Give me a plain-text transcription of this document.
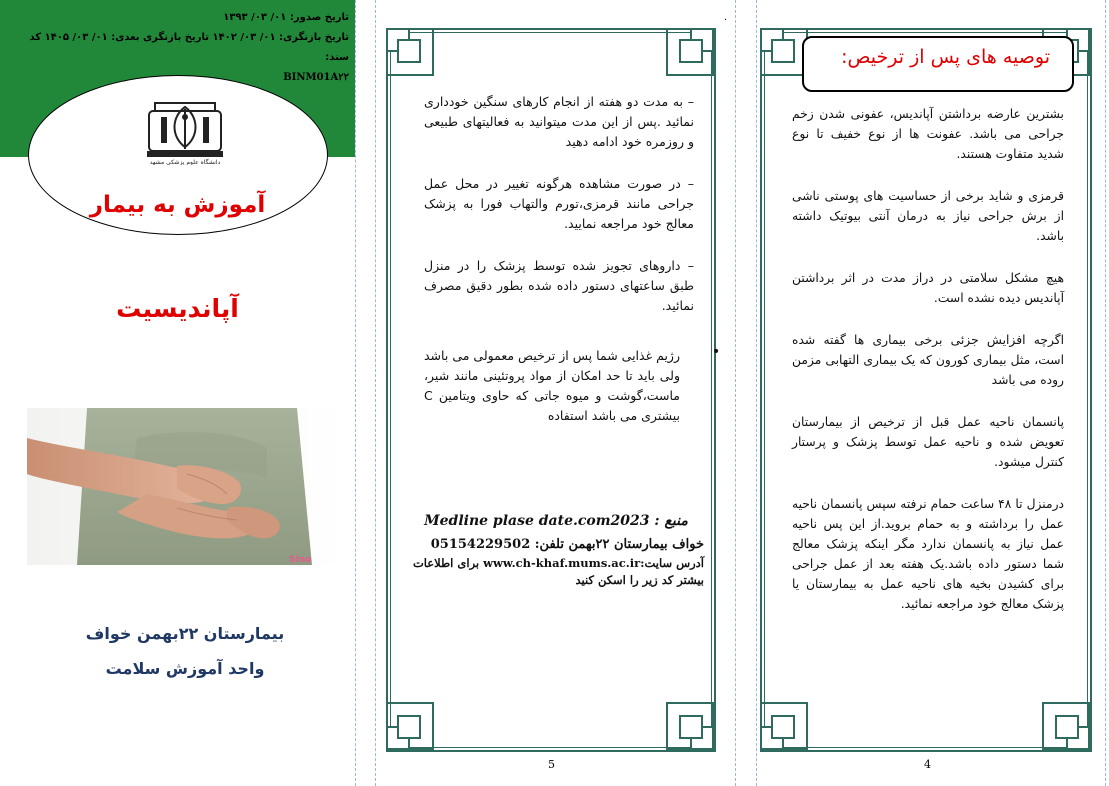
تاریخ صدور: ۰۱/ ۰۳/ ۱۳۹۳
تاریخ بازنگری: ۰۱/ ۰۳/ ۱۴۰۲ تاریخ بازنگری بعدی: ۰۱/ ۰۳/ ۱۴۰۵ کد سند:
BINM01A۲۲
دانشگاه علوم پزشکی مشهد
آموزش به بیمار
آپاندیسیت
Sino
بیمارستان ۲۲بهمن خواف
واحد آموزش سلامت
.

– به مدت دو هفته از انجام کارهای سنگین خودداری نمائید .پس از این مدت میتوانید به فعالیتهای طبیعی و روزمره خود ادامه دهید

– در صورت مشاهده هرگونه تغییر در محل عمل جراحی مانند قرمزی،تورم والتهاب فورا به پزشک معالج خود مراجعه نمایید.

– داروهای تجویز شده توسط پزشک را در منزل طبق ساعتهای دستور داده شده بطور دقیق مصرف نمائید.

رژیم غذایی شما پس از ترخیص معمولی می باشد ولی باید تا حد امکان از مواد پروتئینی مانند شیر، ماست،گوشت و میوه جاتی که حاوی ویتامین C بیشتری می باشد استفاده
•
منبع : Medline plase date.com2023
خواف بیمارستان ۲۲بهمن تلفن: 05154229502
آدرس سایت:www.ch-khaf.mums.ac.ir برای اطلاعات بیشتر کد زیر را اسکن کنید
5
توصیه های پس از ترخیص:

بشترین عارضه برداشتن آپاندیس، عفونی شدن زخم جراحی می باشد. عفونت ها از نوع خفیف تا نوع شدید متفاوت هستند.

قرمزی و شاید برخی از حساسیت های پوستی ناشی از برش جراحی نیاز به درمان آنتی بیوتیک داشته باشد.

هیچ مشکل سلامتی در دراز مدت در اثر برداشتن آپاندیس دیده نشده است.

اگرچه افزایش جزئی برخی بیماری ها گفته شده است، مثل بیماری کورون که یک بیماری التهابی مزمن روده می باشد

پانسمان ناحیه عمل قبل از ترخیص از بیمارستان تعویض شده و ناحیه عمل توسط پزشک و پرستار کنترل میشود.

درمنزل تا ۴۸ ساعت حمام نرفته سپس پانسمان ناحیه عمل را برداشته و به حمام بروید.از این پس ناحیه عمل نیاز به پانسمان ندارد مگر اینکه پزشک معالج شما دستور داده باشد.یک هفته بعد از عمل جراحی برای کشیدن بخیه های ناحیه عمل به بیمارستان یا پزشک معالج خود مراجعه نمائید.

4
